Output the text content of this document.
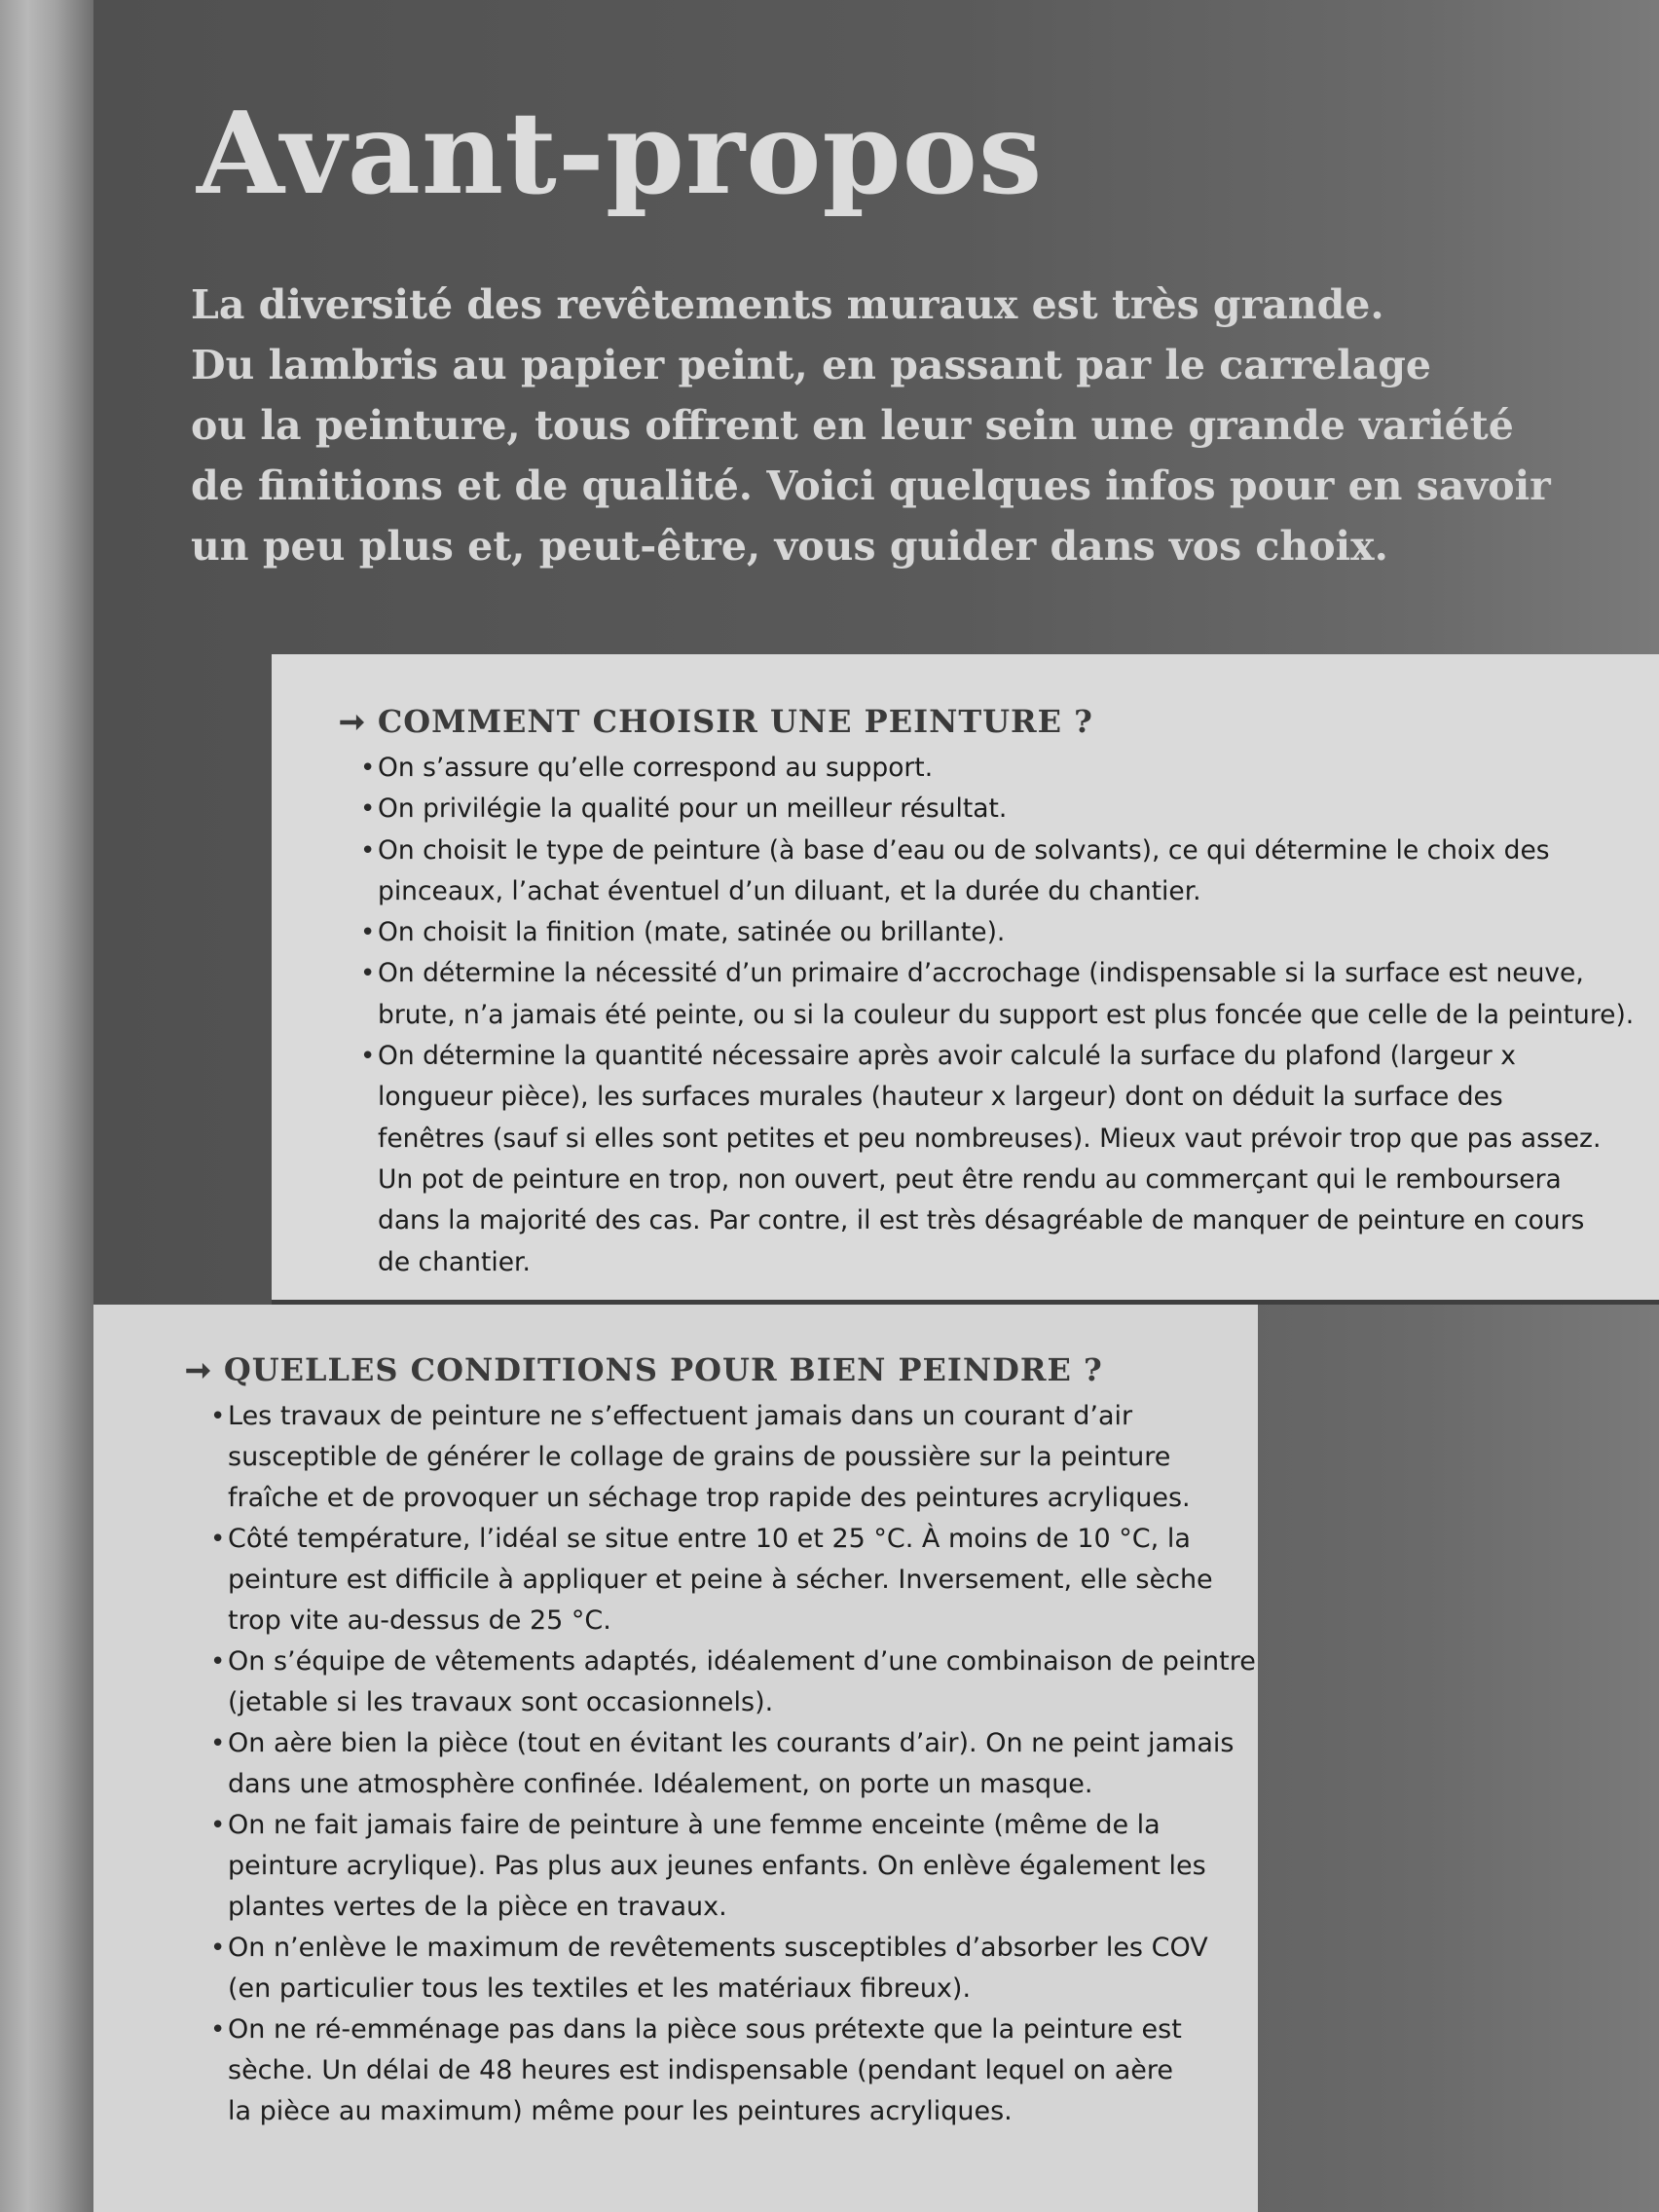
Avant-propos
La diversité des revêtements muraux est très grande.
Du lambris au papier peint, en passant par le carrelage
ou la peinture, tous offrent en leur sein une grande variété
de finitions et de qualité. Voici quelques infos pour en savoir
un peu plus et, peut-être, vous guider dans vos choix.
➞ COMMENT CHOISIR UNE PEINTURE ?
• On s’assure qu’elle correspond au support.
• On privilégie la qualité pour un meilleur résultat.
• On choisit le type de peinture (à base d’eau ou de solvants), ce qui détermine le choix des
pinceaux, l’achat éventuel d’un diluant, et la durée du chantier.
• On choisit la finition (mate, satinée ou brillante).
• On détermine la nécessité d’un primaire d’accrochage (indispensable si la surface est neuve,
brute, n’a jamais été peinte, ou si la couleur du support est plus foncée que celle de la peinture).
• On détermine la quantité nécessaire après avoir calculé la surface du plafond (largeur x
longueur pièce), les surfaces murales (hauteur x largeur) dont on déduit la surface des
fenêtres (sauf si elles sont petites et peu nombreuses). Mieux vaut prévoir trop que pas assez.
Un pot de peinture en trop, non ouvert, peut être rendu au commerçant qui le remboursera
dans la majorité des cas. Par contre, il est très désagréable de manquer de peinture en cours
de chantier.
➞ QUELLES CONDITIONS POUR BIEN PEINDRE ?
• Les travaux de peinture ne s’effectuent jamais dans un courant d’air
susceptible de générer le collage de grains de poussière sur la peinture
fraîche et de provoquer un séchage trop rapide des peintures acryliques.
• Côté température, l’idéal se situe entre 10 et 25 °C. À moins de 10 °C, la
peinture est difficile à appliquer et peine à sécher. Inversement, elle sèche
trop vite au-dessus de 25 °C.
• On s’équipe de vêtements adaptés, idéalement d’une combinaison de peintre
(jetable si les travaux sont occasionnels).
• On aère bien la pièce (tout en évitant les courants d’air). On ne peint jamais
dans une atmosphère confinée. Idéalement, on porte un masque.
• On ne fait jamais faire de peinture à une femme enceinte (même de la
peinture acrylique). Pas plus aux jeunes enfants. On enlève également les
plantes vertes de la pièce en travaux.
• On n’enlève le maximum de revêtements susceptibles d’absorber les COV
(en particulier tous les textiles et les matériaux fibreux).
• On ne ré-emménage pas dans la pièce sous prétexte que la peinture est
sèche. Un délai de 48 heures est indispensable (pendant lequel on aère
la pièce au maximum) même pour les peintures acryliques.
